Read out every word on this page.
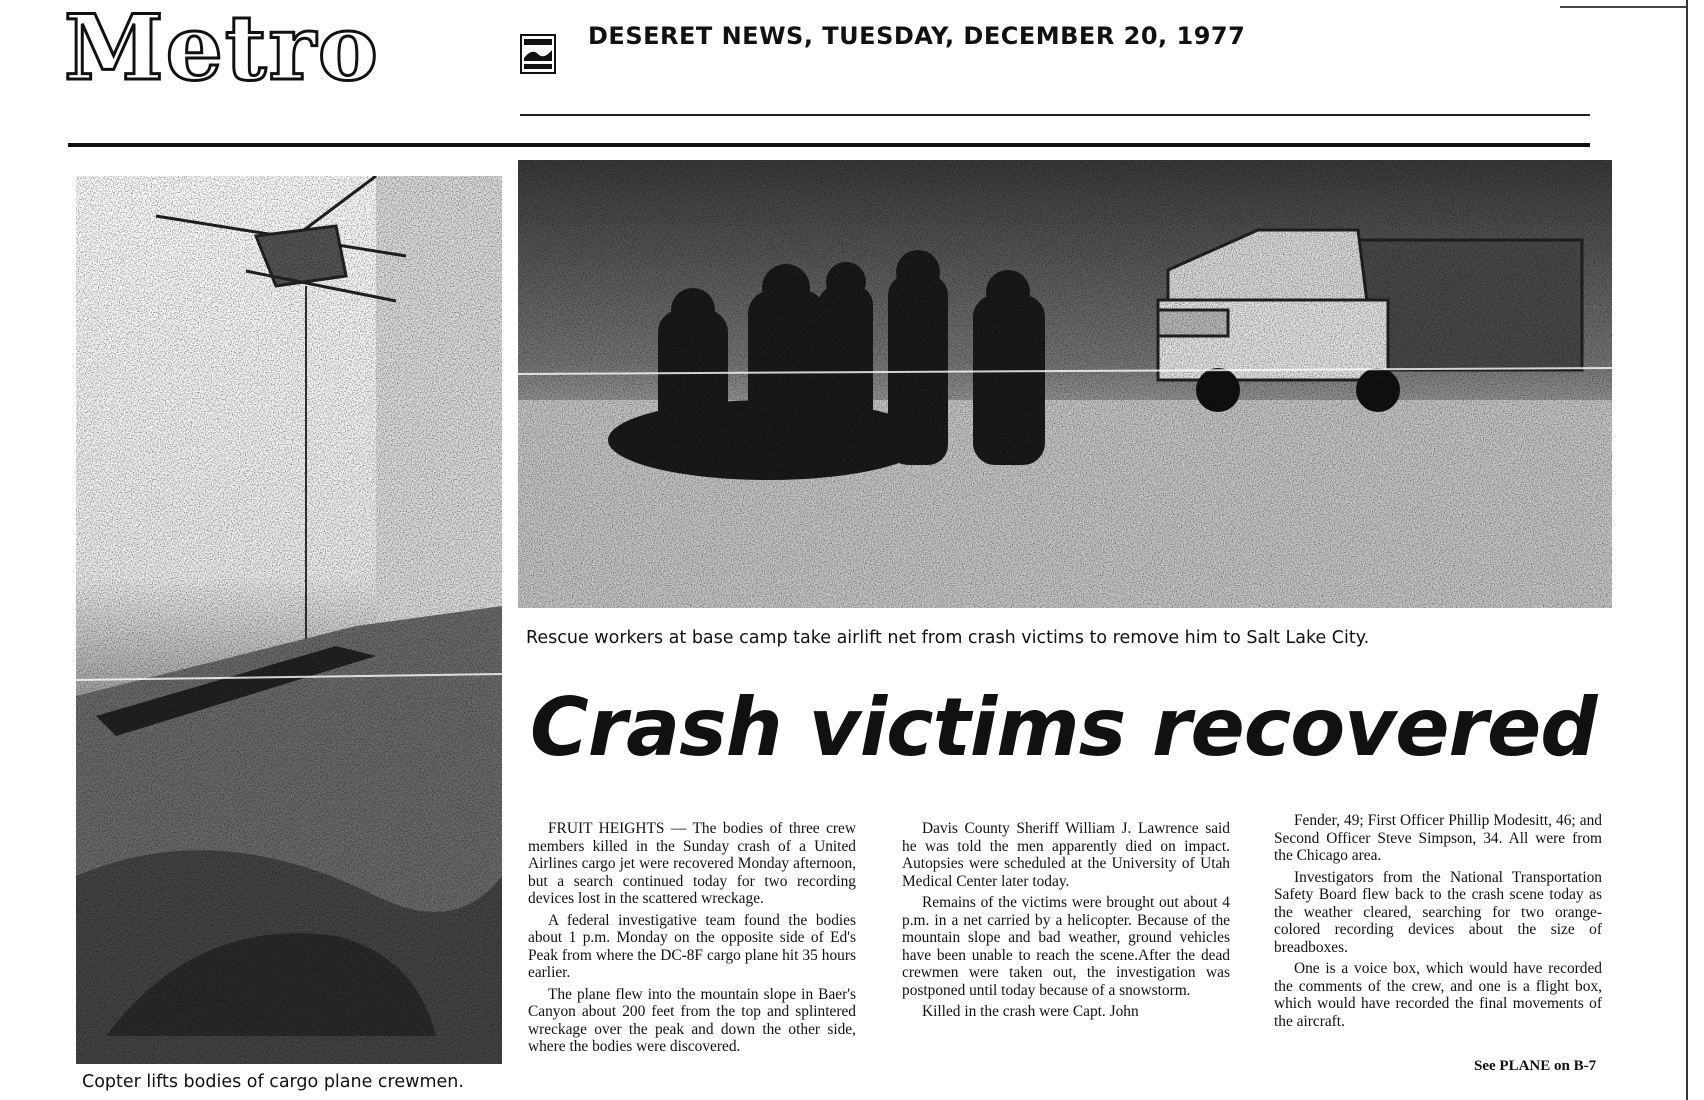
Metro	DESERET NEWS, TUESDAY, DECEMBER 20, 1977
Rescue workers at base camp take airlift net from crash victims to remove him to Salt Lake City.
Copter lifts bodies of cargo plane crewmen.
Crash victims recovered

FRUIT HEIGHTS — The bodies of three crew members killed in the Sunday crash of a United Airlines cargo jet were recovered Monday afternoon, but a search continued today for two recording devices lost in the scattered wreckage.

A federal investigative team found the bodies about 1 p.m. Monday on the opposite side of Ed's Peak from where the DC-8F cargo plane hit 35 hours earlier.

The plane flew into the mountain slope in Baer's Canyon about 200 feet from the top and splintered wreckage over the peak and down the other side, where the bodies were discovered.

Davis County Sheriff William J. Lawrence said he was told the men apparently died on impact. Autopsies were scheduled at the University of Utah Medical Center later today.

Remains of the victims were brought out about 4 p.m. in a net carried by a helicopter. Because of the mountain slope and bad weather, ground vehicles have been unable to reach the scene.After the dead crewmen were taken out, the investigation was postponed until today because of a snowstorm.

Killed in the crash were Capt. John

Fender, 49; First Officer Phillip Modesitt, 46; and Second Officer Steve Simpson, 34. All were from the Chicago area.

Investigators from the National Transportation Safety Board flew back to the crash scene today as the weather cleared, searching for two orange-colored recording devices about the size of breadboxes.

One is a voice box, which would have recorded the comments of the crew, and one is a flight box, which would have recorded the final movements of the aircraft.

See PLANE on B-7
